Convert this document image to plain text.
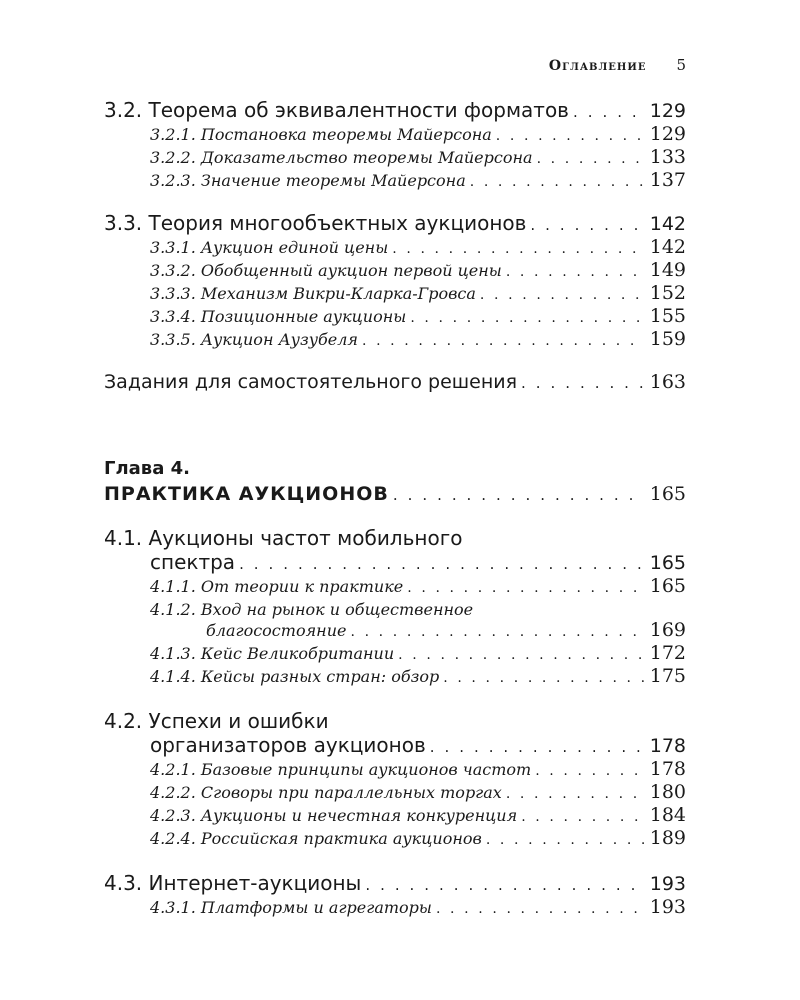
Оглавление 5
3.2. Теорема об эквивалентности форматов . . .	129
3.2.1. Постановка теоремы Майерсона . . .	129
3.2.2. Доказательство теоремы Майерсона . . .	133
3.2.3. Значение теоремы Майерсона . . .	137
3.3. Теория многообъектных аукционов . . .	142
3.3.1. Аукцион единой цены . . .	142
3.3.2. Обобщенный аукцион первой цены . . .	149
3.3.3. Механизм Викри-Кларка-Гровса . . .	152
3.3.4. Позиционные аукционы . . .	155
3.3.5. Аукцион Аузубеля . . .	159
Задания для самостоятельного решения . . .	163
Глава 4.
ПРАКТИКА АУКЦИОНОВ . . .	165
4.1. Аукционы частот мобильного
спектра . . .	165
4.1.1. От теории к практике . . .	165
4.1.2. Вход на рынок и общественное
благосостояние . . .	169
4.1.3. Кейс Великобритании . . .	172
4.1.4. Кейсы разных стран: обзор . . .	175
4.2. Успехи и ошибки
организаторов аукционов . . .	178
4.2.1. Базовые принципы аукционов частот . . .	178
4.2.2. Сговоры при параллельных торгах . . .	180
4.2.3. Аукционы и нечестная конкуренция . . .	184
4.2.4. Российская практика аукционов . . .	189
4.3. Интернет-аукционы . . .	193
4.3.1. Платформы и агрегаторы . . .	193
